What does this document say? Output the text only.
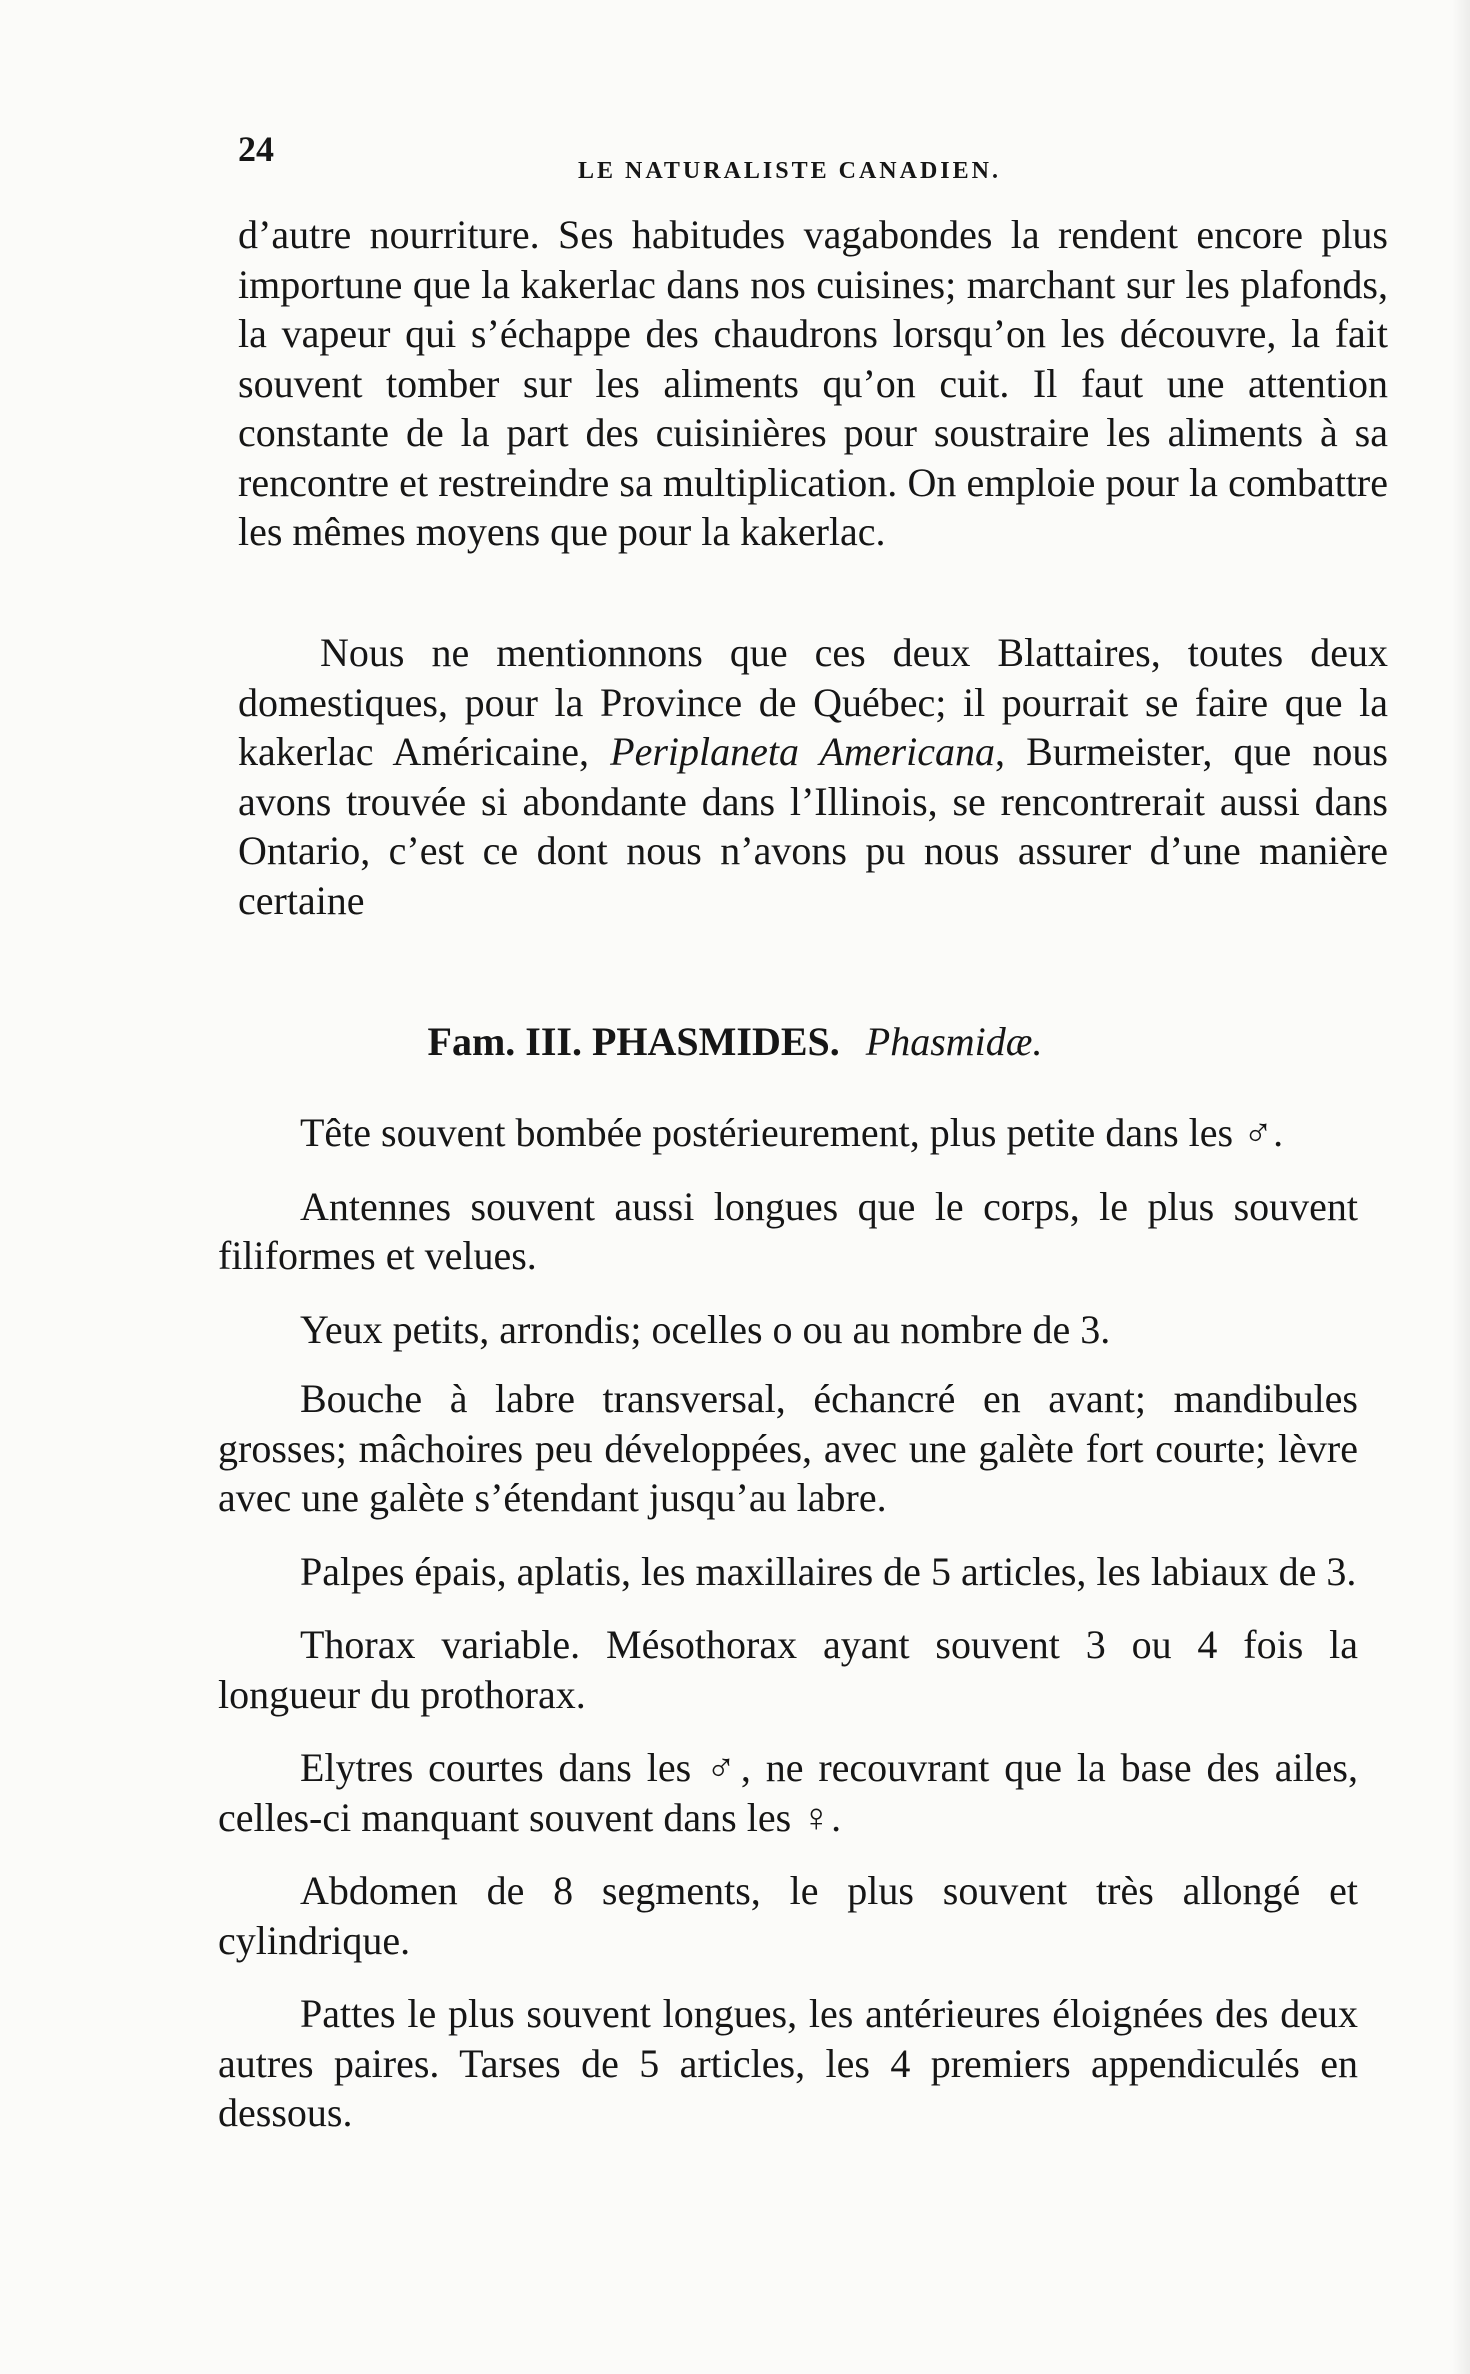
24
LE NATURALISTE CANADIEN.

d’autre nourriture. Ses habitudes vagabondes la rendent encore plus importune que la kakerlac dans nos cuisines; marchant sur les plafonds, la vapeur qui s’échappe des chaudrons lorsqu’on les découvre, la fait souvent tomber sur les aliments qu’on cuit. Il faut une attention constante de la part des cuisinières pour soustraire les aliments à sa rencontre et restreindre sa multiplication. On emploie pour la combattre les mêmes moyens que pour la kakerlac.

Nous ne mentionnons que ces deux Blattaires, toutes deux domestiques, pour la Province de Québec; il pourrait se faire que la kakerlac Américaine, Periplaneta Americana, Burmeister, que nous avons trouvée si abondante dans l’Illinois, se rencontrerait aussi dans Ontario, c’est ce dont nous n’avons pu nous assurer d’une manière certaine

Fam. III. PHASMIDES. Phasmidæ.

Tête souvent bombée postérieurement, plus petite dans les ♂.

Antennes souvent aussi longues que le corps, le plus souvent filiformes et velues.

Yeux petits, arrondis; ocelles o ou au nombre de 3.

Bouche à labre transversal, échancré en avant; mandibules grosses; mâchoires peu développées, avec une galète fort courte; lèvre avec une galète s’étendant jusqu’au labre.

Palpes épais, aplatis, les maxillaires de 5 articles, les labiaux de 3.

Thorax variable. Mésothorax ayant souvent 3 ou 4 fois la longueur du prothorax.

Elytres courtes dans les ♂, ne recouvrant que la base des ailes, celles-ci manquant souvent dans les ♀.

Abdomen de 8 segments, le plus souvent très allongé et cylindrique.

Pattes le plus souvent longues, les antérieures éloignées des deux autres paires. Tarses de 5 articles, les 4 premiers appendiculés en dessous.
